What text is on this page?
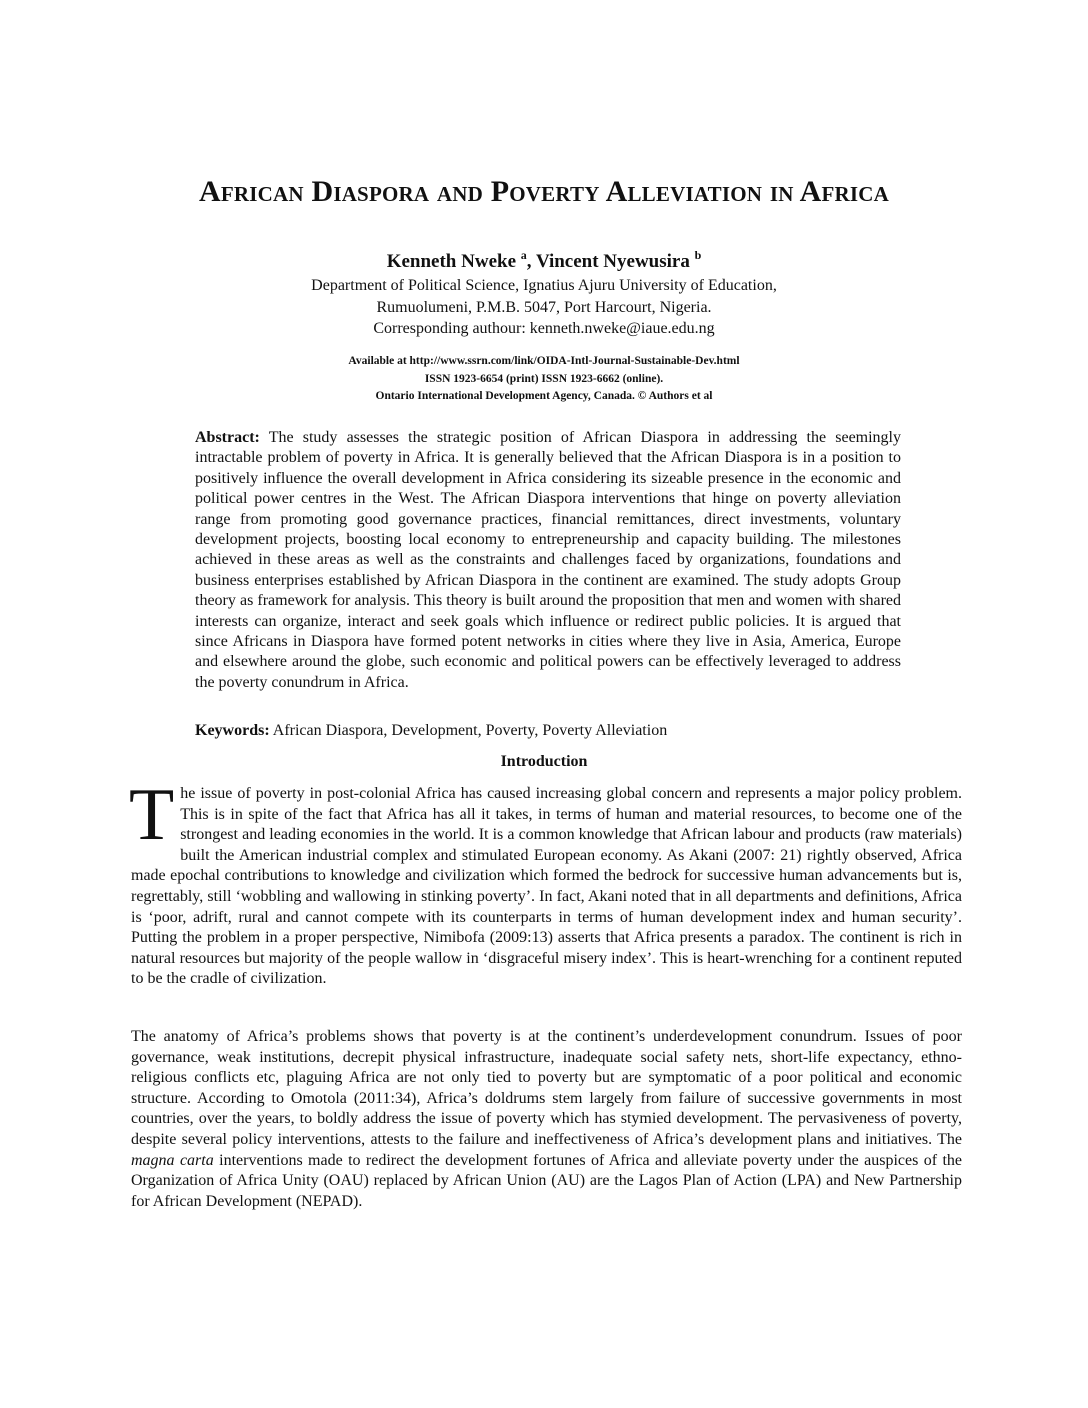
African Diaspora and Poverty Alleviation in Africa
Kenneth Nweke $^a$, Vincent Nyewusira $^b$
Department of Political Science, Ignatius Ajuru University of Education,
Rumuolumeni, P.M.B. 5047, Port Harcourt, Nigeria.
Corresponding authour: kenneth.nweke@iaue.edu.ng
Available at http://www.ssrn.com/link/OIDA-Intl-Journal-Sustainable-Dev.html
ISSN 1923-6654 (print) ISSN 1923-6662 (online).
Ontario International Development Agency, Canada. © Authors et al

Abstract: The study assesses the strategic position of African Diaspora in addressing the seemingly intractable problem of poverty in Africa. It is generally believed that the African Diaspora is in a position to positively influence the overall development in Africa considering its sizeable presence in the economic and political power centres in the West. The African Diaspora interventions that hinge on poverty alleviation range from promoting good governance practices, financial remittances, direct investments, voluntary development projects, boosting local economy to entrepreneurship and capacity building. The milestones achieved in these areas as well as the constraints and challenges faced by organizations, foundations and business enterprises established by African Diaspora in the continent are examined. The study adopts Group theory as framework for analysis. This theory is built around the proposition that men and women with shared interests can organize, interact and seek goals which influence or redirect public policies. It is argued that since Africans in Diaspora have formed potent networks in cities where they live in Asia, America, Europe and elsewhere around the globe, such economic and political powers can be effectively leveraged to address the poverty conundrum in Africa.

Keywords: African Diaspora, Development, Poverty, Poverty Alleviation

Introduction

The issue of poverty in post-colonial Africa has caused increasing global concern and represents a major policy problem. This is in spite of the fact that Africa has all it takes, in terms of human and material resources, to become one of the strongest and leading economies in the world. It is a common knowledge that African labour and products (raw materials) built the American industrial complex and stimulated European economy. As Akani (2007: 21) rightly observed, Africa made epochal contributions to knowledge and civilization which formed the bedrock for successive human advancements but is, regrettably, still ‘wobbling and wallowing in stinking poverty’. In fact, Akani noted that in all departments and definitions, Africa is ‘poor, adrift, rural and cannot compete with its counterparts in terms of human development index and human security’. Putting the problem in a proper perspective, Nimibofa (2009:13) asserts that Africa presents a paradox. The continent is rich in natural resources but majority of the people wallow in ‘disgraceful misery index’. This is heart-wrenching for a continent reputed to be the cradle of civilization.

The anatomy of Africa’s problems shows that poverty is at the continent’s underdevelopment conundrum. Issues of poor governance, weak institutions, decrepit physical infrastructure, inadequate social safety nets, short-life expectancy, ethno-religious conflicts etc, plaguing Africa are not only tied to poverty but are symptomatic of a poor political and economic structure. According to Omotola (2011:34), Africa’s doldrums stem largely from failure of successive governments in most countries, over the years, to boldly address the issue of poverty which has stymied development. The pervasiveness of poverty, despite several policy interventions, attests to the failure and ineffectiveness of Africa’s development plans and initiatives. The magna carta interventions made to redirect the development fortunes of Africa and alleviate poverty under the auspices of the Organization of Africa Unity (OAU) replaced by African Union (AU) are the Lagos Plan of Action (LPA) and New Partnership for African Development (NEPAD).
